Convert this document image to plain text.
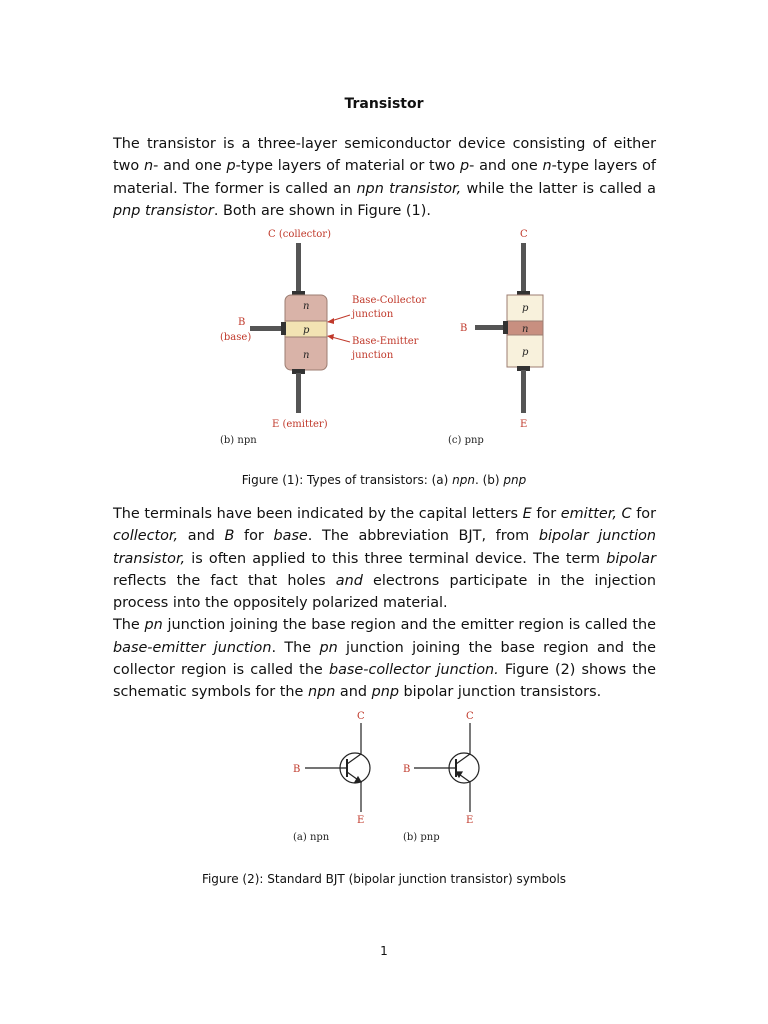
Transistor

The transistor is a three-layer semiconductor device consisting of either two n- and one p-type layers of material or two p- and one n-type layers of material. The former is called an npn transistor, while the latter is called a pnp transistor. Both are shown in Figure (1).

C (collector)
n
p
n
B
(base)
E (emitter)
Base-Collector
junction
Base-Emitter
junction
(b) npn
C
p
n
p
B
E
(c) pnp
Figure (1): Types of transistors: (a) npn. (b) pnp

The terminals have been indicated by the capital letters E for emitter, C for collector, and B for base. The abbreviation BJT, from bipolar junction transistor, is often applied to this three terminal device. The term bipolar reflects the fact that holes and electrons participate in the injection process into the oppositely polarized material.
The pn junction joining the base region and the emitter region is called the base-emitter junction. The pn junction joining the base region and the collector region is called the base-collector junction. Figure (2) shows the schematic symbols for the npn and pnp bipolar junction transistors.

C
B
E
(a) npn
C
B
E
(b) pnp
Figure (2): Standard BJT (bipolar junction transistor) symbols
1
